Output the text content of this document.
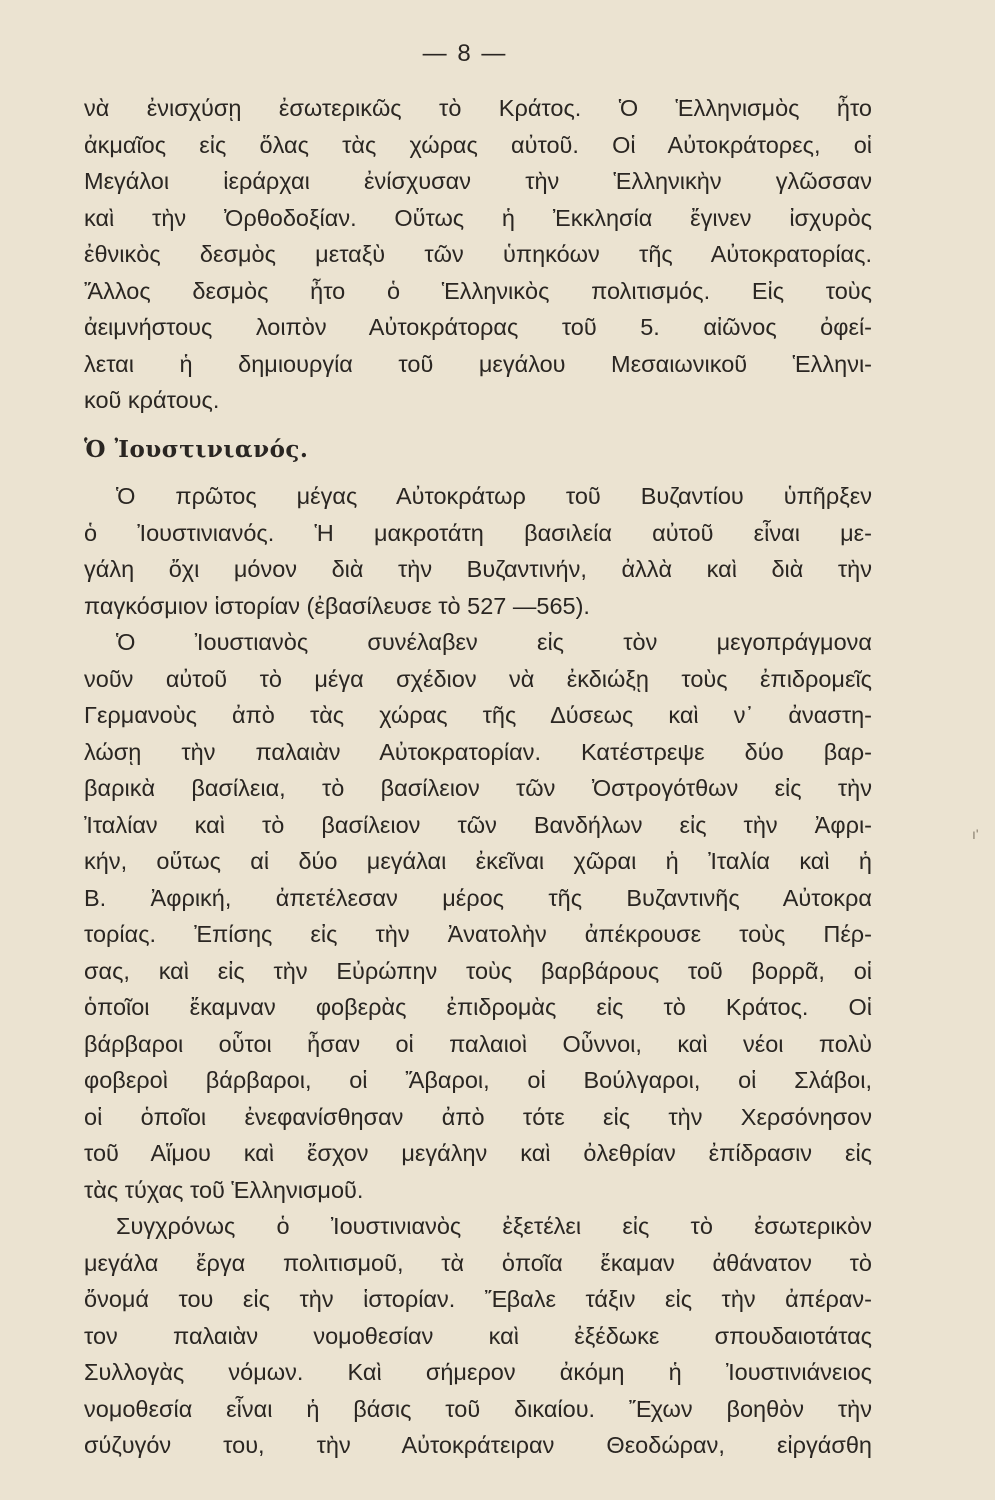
— 8 —
νὰ ἐνισχύσῃ ἐσωτερικῶς τὸ Κράτος. Ὁ Ἑλληνισμὸς ἦτο
ἀκμαῖος εἰς ὅλας τὰς χώρας αὐτοῦ. Οἱ Αὐτοκράτορες, οἱ
Μεγάλοι ἱεράρχαι ἐνίσχυσαν τὴν Ἑλληνικὴν γλῶσσαν
καὶ τὴν Ὀρθοδοξίαν. Οὕτως ἡ Ἐκκλησία ἔγινεν ἰσχυρὸς
ἐθνικὸς δεσμὸς μεταξὺ τῶν ὑπηκόων τῆς Αὐτοκρατορίας.
Ἄλλος δεσμὸς ἦτο ὁ Ἑλληνικὸς πολιτισμός. Εἰς τοὺς
ἀειμνήστους λοιπὸν Αὐτοκράτορας τοῦ 5. αἰῶνος ὀφεί-
λεται ἡ δημιουργία τοῦ μεγάλου Μεσαιωνικοῦ Ἑλληνι-
κοῦ κράτους.
Ὁ Ἰουστινιανός.
Ὁ πρῶτος μέγας Αὐτοκράτωρ τοῦ Βυζαντίου ὑπῆρξεν
ὁ Ἰουστινιανός. Ἡ μακροτάτη βασιλεία αὐτοῦ εἶναι με-
γάλη ὄχι μόνον διὰ τὴν Βυζαντινήν, ἀλλὰ καὶ διὰ τὴν
παγκόσμιον ἱστορίαν (ἐβασίλευσε τὸ 527 —565).
Ὁ Ἰουστιανὸς συνέλαβεν εἰς τὸν μεγοπράγμονα
νοῦν αὐτοῦ τὸ μέγα σχέδιον νὰ ἐκδιώξῃ τοὺς ἐπιδρομεῖς
Γερμανοὺς ἀπὸ τὰς χώρας τῆς Δύσεως καὶ ν᾽ ἀναστη-
λώσῃ τὴν παλαιὰν Αὐτοκρατορίαν. Κατέστρεψε δύο βαρ-
βαρικὰ βασίλεια, τὸ βασίλειον τῶν Ὀστρογότθων εἰς τὴν
Ἰταλίαν καὶ τὸ βασίλειον τῶν Βανδήλων εἰς τὴν Ἀφρι-
κήν, οὕτως αἱ δύο μεγάλαι ἐκεῖναι χῶραι ἡ Ἰταλία καὶ ἡ
Β. Ἀφρική, ἀπετέλεσαν μέρος τῆς Βυζαντινῆς Αὐτοκρα
τορίας. Ἐπίσης εἰς τὴν Ἀνατολὴν ἀπέκρουσε τοὺς Πέρ-
σας, καὶ εἰς τὴν Εὐρώπην τοὺς βαρβάρους τοῦ βορρᾶ, οἱ
ὁποῖοι ἔκαμναν φοβερὰς ἐπιδρομὰς εἰς τὸ Κράτος. Οἱ
βάρβαροι οὗτοι ἦσαν οἱ παλαιοὶ Οὖννοι, καὶ νέοι πολὺ
φοβεροὶ βάρβαροι, οἱ Ἄβαροι, οἱ Βούλγαροι, οἱ Σλάβοι,
οἱ ὁποῖοι ἐνεφανίσθησαν ἀπὸ τότε εἰς τὴν Χερσόνησον
τοῦ Αἵμου καὶ ἔσχον μεγάλην καὶ ὀλεθρίαν ἐπίδρασιν εἰς
τὰς τύχας τοῦ Ἑλληνισμοῦ.
Συγχρόνως ὁ Ἰουστινιανὸς ἐξετέλει εἰς τὸ ἐσωτερικὸν
μεγάλα ἔργα πολιτισμοῦ, τὰ ὁποῖα ἔκαμαν ἀθάνατον τὸ
ὄνομά του εἰς τὴν ἱστορίαν. Ἔβαλε τάξιν εἰς τὴν ἀπέραν-
τον παλαιὰν νομοθεσίαν καὶ ἐξέδωκε σπουδαιοτάτας
Συλλογὰς νόμων. Καὶ σήμερον ἀκόμη ἡ Ἰουστινιάνειος
νομοθεσία εἶναι ἡ βάσις τοῦ δικαίου. Ἔχων βοηθὸν τὴν
σύζυγόν του, τὴν Αὐτοκράτειραν Θεοδώραν, εἰργάσθη
ı'
